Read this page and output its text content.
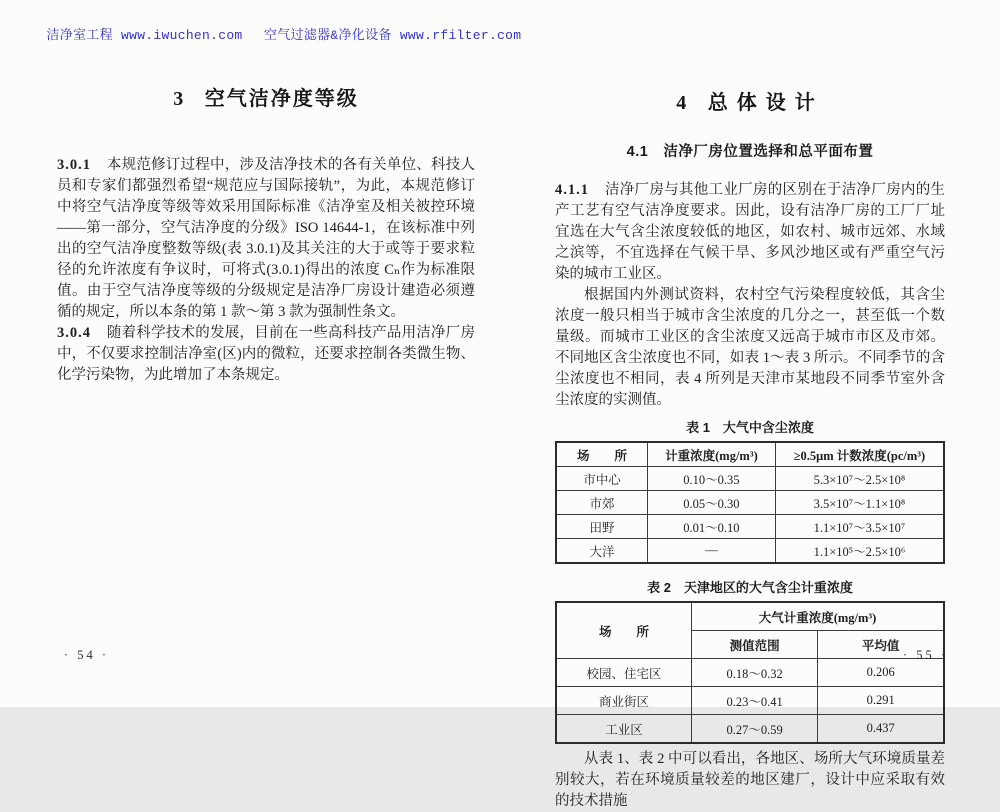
洁净室工程 www.iwuchen.com　 空气过滤器&净化设备 www.rfilter.com

3 空气洁净度等级

3.0.1 本规范修订过程中，涉及洁净技术的各有关单位、科技人员和专家们都强烈希望“规范应与国际接轨”，为此，本规范修订中将空气洁净度等级等效采用国际标准《洁净室及相关被控环境——第一部分，空气洁净度的分级》ISO 14644-1，在该标准中列出的空气洁净度整数等级(表 3.0.1)及其关注的大于或等于要求粒径的允许浓度有争议时，可将式(3.0.1)得出的浓度 Cₙ作为标准限值。由于空气洁净度等级的分级规定是洁净厂房设计建造必须遵循的规定，所以本条的第 1 款～第 3 款为强制性条文。

3.0.4 随着科学技术的发展，目前在一些高科技产品用洁净厂房中，不仅要求控制洁净室(区)内的微粒，还要求控制各类微生物、化学污染物，为此增加了本条规定。

· 54 ·
4 总体设计
4.1　洁净厂房位置选择和总平面布置

4.1.1 洁净厂房与其他工业厂房的区别在于洁净厂房内的生产工艺有空气洁净度要求。因此，设有洁净厂房的工厂厂址宜选在大气含尘浓度较低的地区，如农村、城市远郊、水域之滨等，不宜选择在气候干旱、多风沙地区或有严重空气污染的城市工业区。

根据国内外测试资料，农村空气污染程度较低，其含尘浓度一般只相当于城市含尘浓度的几分之一，甚至低一个数量级。而城市工业区的含尘浓度又远高于城市市区及市郊。不同地区含尘浓度也不同，如表 1～表 3 所示。不同季节的含尘浓度也不相同，表 4 所列是天津市某地段不同季节室外含尘浓度的实测值。

表 1　大气中含尘浓度
场　　所	计重浓度(mg/m³)	≥0.5μm 计数浓度(pc/m³)
市中心	0.10～0.35	5.3×10⁷～2.5×10⁸
市郊	0.05～0.30	3.5×10⁷～1.1×10⁸
田野	0.01～0.10	1.1×10⁷～3.5×10⁷
大洋	—	1.1×10⁵～2.5×10⁶
表 2　天津地区的大气含尘计重浓度
场　　所	大气计重浓度(mg/m³)	
	测值范围	平均值
校园、住宅区	0.18～0.32	0.206
商业街区	0.23～0.41	0.291
工业区	0.27～0.59	0.437

从表 1、表 2 中可以看出，各地区、场所大气环境质量差别较大，若在环境质量较差的地区建厂，设计中应采取有效的技术措施

· 55 ·
